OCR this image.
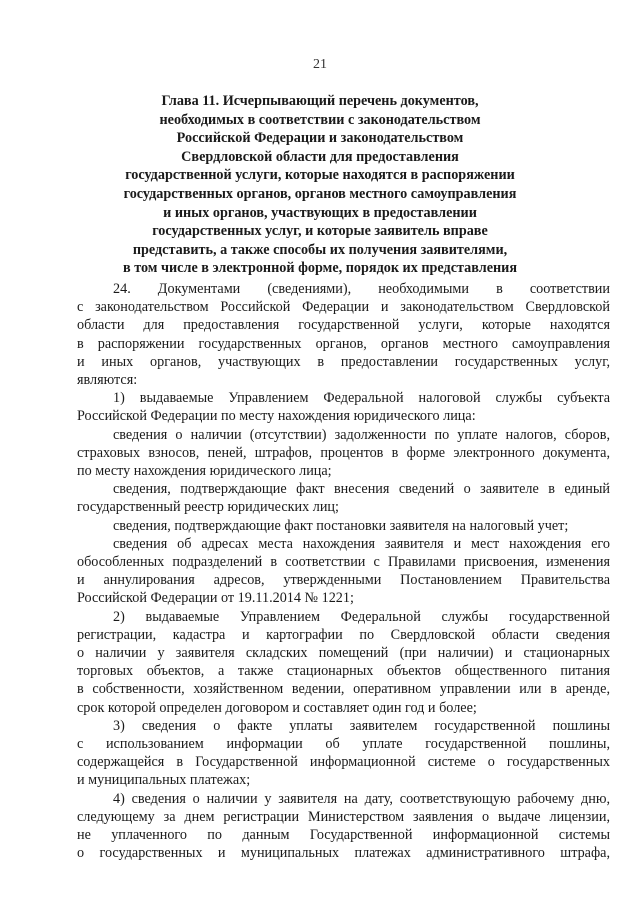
21
Глава 11. Исчерпывающий перечень документов,
необходимых в соответствии с законодательством
Российской Федерации и законодательством
Свердловской области для предоставления
государственной услуги, которые находятся в распоряжении
государственных органов, органов местного самоуправления
и иных органов, участвующих в предоставлении
государственных услуг, и которые заявитель вправе
представить, а также способы их получения заявителями,
в том числе в электронной форме, порядок их представления
24. Документами (сведениями), необходимыми в соответствии
с законодательством Российской Федерации и законодательством Свердловской
области для предоставления государственной услуги, которые находятся
в распоряжении государственных органов, органов местного самоуправления
и иных органов, участвующих в предоставлении государственных услуг,
являются:
1) выдаваемые Управлением Федеральной налоговой службы субъекта
Российской Федерации по месту нахождения юридического лица:
сведения о наличии (отсутствии) задолженности по уплате налогов, сборов,
страховых взносов, пеней, штрафов, процентов в форме электронного документа,
по месту нахождения юридического лица;
сведения, подтверждающие факт внесения сведений о заявителе в единый
государственный реестр юридических лиц;
сведения, подтверждающие факт постановки заявителя на налоговый учет;
сведения об адресах места нахождения заявителя и мест нахождения его
обособленных подразделений в соответствии с Правилами присвоения, изменения
и аннулирования адресов, утвержденными Постановлением Правительства
Российской Федерации от 19.11.2014 № 1221;
2) выдаваемые Управлением Федеральной службы государственной
регистрации, кадастра и картографии по Свердловской области сведения
о наличии у заявителя складских помещений (при наличии) и стационарных
торговых объектов, а также стационарных объектов общественного питания
в собственности, хозяйственном ведении, оперативном управлении или в аренде,
срок которой определен договором и составляет один год и более;
3) сведения о факте уплаты заявителем государственной пошлины
с использованием информации об уплате государственной пошлины,
содержащейся в Государственной информационной системе о государственных
и муниципальных платежах;
4) сведения о наличии у заявителя на дату, соответствующую рабочему дню,
следующему за днем регистрации Министерством заявления о выдаче лицензии,
не уплаченного по данным Государственной информационной системы
о государственных и муниципальных платежах административного штрафа,
